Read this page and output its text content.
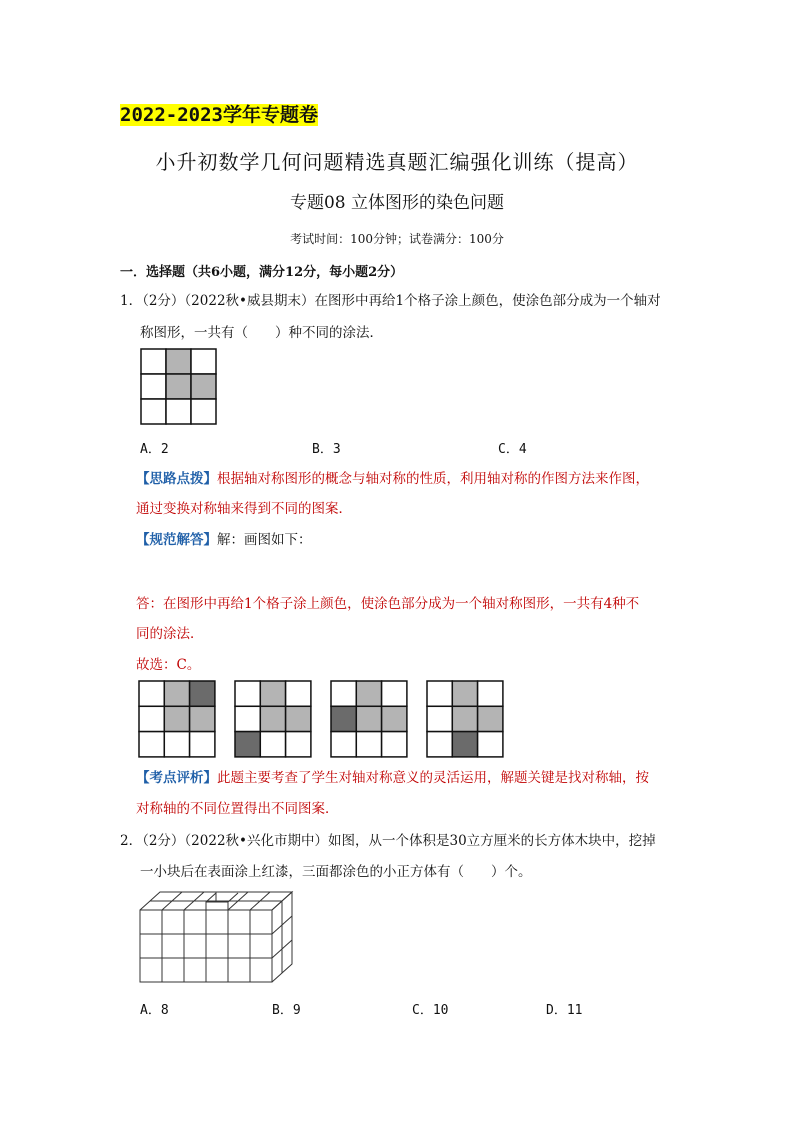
2022-2023学年专题卷
小升初数学几何问题精选真题汇编强化训练（提高）
专题08 立体图形的染色问题
考试时间：100分钟；试卷满分：100分
一．选择题（共6小题，满分12分，每小题2分）
1．（2分）（2022秋•威县期末）在图形中再给1个格子涂上颜色，使涂色部分成为一个轴对
称图形，一共有（　　）种不同的涂法．
A．2	B．3	C．4
【思路点拨】根据轴对称图形的概念与轴对称的性质，利用轴对称的作图方法来作图，
通过变换对称轴来得到不同的图案．
【规范解答】解：画图如下：
答：在图形中再给1个格子涂上颜色，使涂色部分成为一个轴对称图形，一共有4种不
同的涂法．
故选：C。
【考点评析】此题主要考查了学生对轴对称意义的灵活运用，解题关键是找对称轴，按
对称轴的不同位置得出不同图案．
2．（2分）（2022秋•兴化市期中）如图，从一个体积是30立方厘米的长方体木块中，挖掉
一小块后在表面涂上红漆，三面都涂色的小正方体有（　　）个。
A．8	B．9	C．10	D．11
